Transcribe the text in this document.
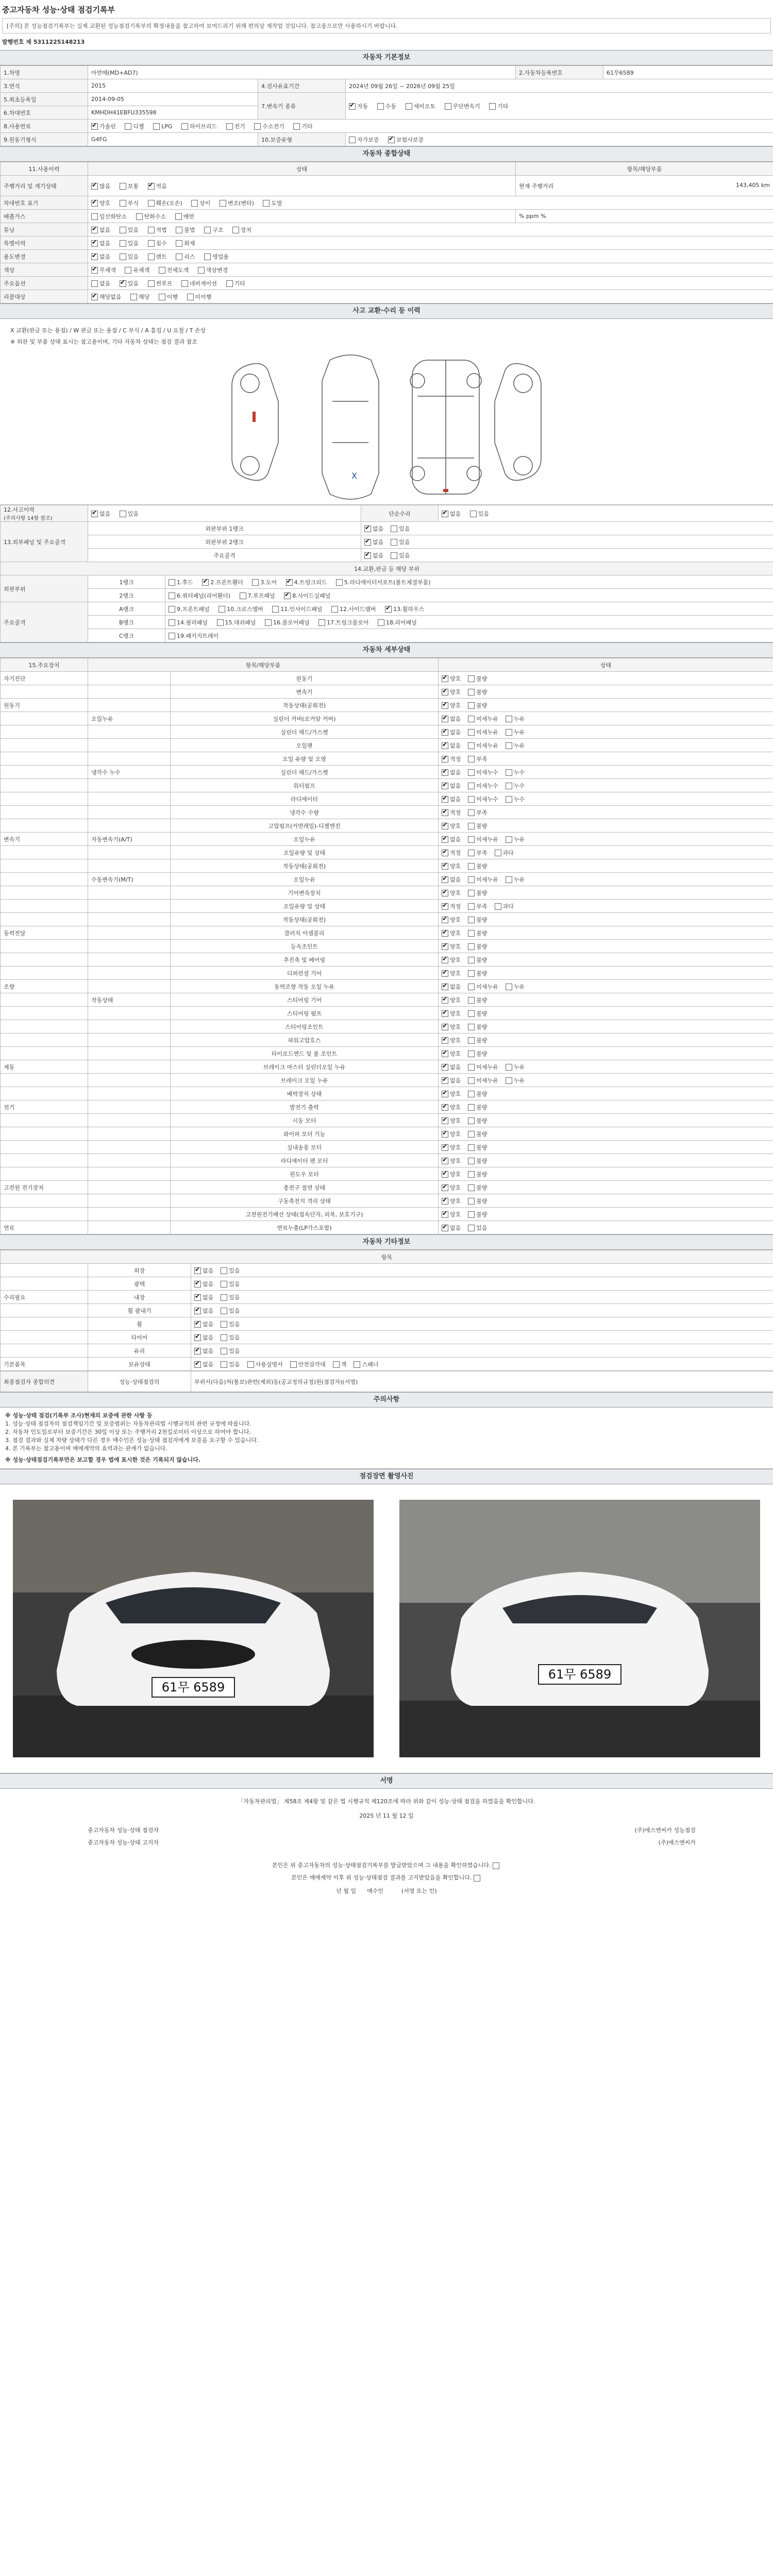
중고자동차 성능·상태 점검기록부
[주의] 본 성능점검기록부는 실제 교환된 성능점검기록부의 확정내용을 참고하여 보여드리기 위해 편의상 재작업 것입니다. 참고용으로만 사용하시기 바랍니다.
발행번호 제 5311225148213
자동차 기본정보
1.차명	아반떼(MD+AD7)			2.자동차등록번호	61무6589
3.연식	2015	4.검사유효기간	2024년 09월 26일 ~ 2026년 09월 25일		
5.최초등록일	2014-09-05	7.변속기 종류	✔자동 수동 세미오토 무단변속기 기타
6.차대번호	KMHDH41EBFU335598				
8.사용연료	✔가솔린 디젤 LPG 하이브리드 전기 수소전기 기타
9.원동기형식	G4FG	10.보증유형	자가보증 ✔ 보험사보증
자동차 종합상태
11.사용이력	상태	항목/해당부품
주행거리 및 계기상태	✔많음 보통 ✔ 적음	현재 주행거리 143,405 km

차대번호 표기	✔양호 부식 훼손(오손) 상이 변조(변타) 도말
배출가스	일산화탄소 탄화수소 매연	% ppm %
튜닝	✔없음 있음 적법 불법 구조 장치
특별이력	✔없음 있음 침수 화재
용도변경	✔없음 있음 렌트 리스 영업용
색상	✔무채색 유채색 전체도색 색상변경
주요옵션	없음 ✔ 있음 썬루프 네비게이션 기타
리콜대상	✔해당없음 해당 이행 미이행
사고 교환·수리 등 이력
X 교환(판금 또는 용접) / W 판금 또는 용접 / C 부식 / A 흠집 / U 요철 / T 손상
※ 외관 및 부품 상태 표시는 참고용이며, 기타 자동차 상태는 점검 결과 참조
X
12.사고이력
(주의사항 14항 참조)	✔없음 있음		단순수리	✔없음 있음
13.외부패널 및 주요골격	외판부위 1랭크	✔없음 있음
	외판부위 2랭크	✔없음 있음
	주요골격	✔없음 있음
14.교환,판금 등 해당 부위				
외판부위	1랭크	1.후드 ✔ 2.프론트휀더 3.도어 ✔ 4.트렁크리드 5.라디에이터서포트(볼트체결부품)
	2랭크	6.쿼터패널(리어휀더) 7.루프패널 ✔ 8.사이드실패널
주요골격	A랭크	9.프론트패널 10.크로스멤버 11.인사이드패널 12.사이드멤버 ✔ 13.휠하우스
	B랭크	14.필러패널 15.대쉬패널 16.플로어패널 17.트렁크플로어 18.리어패널		
	C랭크	19.패키지트레이		
자동차 세부상태
15.주요장치	항목/해당부품		상태
자기진단		원동기	✔양호 불량
		변속기	✔양호 불량
원동기		작동상태(공회전)	✔양호 불량
	오일누유	실린더 커버(로커암 커버)	✔없음 미세누유 누유
		실린더 헤드/가스켓	✔없음 미세누유 누유
		오일팬	✔없음 미세누유 누유
		오일 유량 및 오염	✔적정 부족
	냉각수 누수	실린더 헤드/가스켓	✔없음 미세누수 누수
		워터펌프	✔없음 미세누수 누수
		라디에이터	✔없음 미세누수 누수
		냉각수 수량	✔적정 부족
		고압펌프(커먼레일)-디젤엔진	✔양호 불량
변속기	자동변속기(A/T)	오일누유	✔없음 미세누유 누유
		오일유량 및 상태	✔적정 부족 과다
		작동상태(공회전)	✔양호 불량
	수동변속기(M/T)	오일누유	✔없음 미세누유 누유
		기어변속장치	✔양호 불량
		오일유량 및 상태	✔적정 부족 과다
		작동상태(공회전)	✔양호 불량
동력전달		클러치 어셈블리	✔양호 불량
		등속조인트	✔양호 불량
		추진축 및 베어링	✔양호 불량
		디퍼런셜 기어	✔양호 불량
조향		동력조향 작동 오일 누유	✔없음 미세누유 누유
	작동상태	스티어링 기어	✔양호 불량
		스티어링 펌프	✔양호 불량
		스티어링조인트	✔양호 불량
		파워고압호스	✔양호 불량
		타이로드엔드 및 볼 조인트	✔양호 불량
제동		브레이크 마스터 실린더오일 누유	✔없음 미세누유 누유
		브레이크 오일 누유	✔없음 미세누유 누유
		배력장치 상태	✔양호 불량
전기		발전기 출력	✔양호 불량
		시동 모터	✔양호 불량
		와이퍼 모터 기능	✔양호 불량
		실내송풍 모터	✔양호 불량
		라디에이터 팬 모터	✔양호 불량
		윈도우 모터	✔양호 불량
고전원 전기장치		충전구 절연 상태	✔양호 불량
		구동축전지 격리 상태	✔양호 불량
		고전원전기배선 상태(접속단자, 피복, 보호기구)	✔양호 불량
연료		연료누출(LP가스포함)	✔없음 있음
자동차 기타정보
항목		
	외장	✔없음 있음
	광택	✔없음 있음
수리필요	내장	✔없음 있음
	휠 광내기	✔없음 있음
	휠	✔없음 있음
	타이어	✔없음 있음
	유리	✔없음 있음
기본품목	보유상태	✔없음 있음 사용설명서 안전삼각대 잭 스패너
최종점검자 종합의견	성능·상태점검의	부위서(다음)처(통보)관련(제외)동(공교정의규정)원(점검자)(서명)
주의사항
※ 성능·상태 점검(기록부 조사)현재의 보증에 관한 사항 등
1. 성능·상태 점검자의 점검책임기간 및 보증범위는 자동차관리법 시행규칙의 관련 규정에 따릅니다.
2. 자동차 인도일로부터 보증기간은 30일 이상 또는 주행거리 2천킬로미터 이상으로 하여야 합니다.
3. 점검 결과와 실제 차량 상태가 다른 경우 매수인은 성능·상태 점검자에게 보증을 요구할 수 있습니다.
4. 본 기록부는 참고용이며 매매계약의 효력과는 관계가 없습니다.
※ 성능·상태점검기록부만은 보고할 경우 법에 표시한 것은 기록되지 않습니다.
점검장면 촬영사진
61무 6589
61무 6589
서명
「자동차관리법」 제58조 제4항 및 같은 법 시행규칙 제120조에 따라 위와 같이 성능·상태 점검을 하였음을 확인합니다.
2025 년 11 월 12 일
중고자동차 성능·상태 점검자	(주)에스엔씨카 성능점검
중고자동차 성능·상태 고지자	(주)에스엔씨카
본인은 위 중고자동차의 성능·상태점검기록부를 발급받았으며 그 내용을 확인하였습니다.
본인은 매매계약 이후 위 성능·상태점검 결과를 고지받았음을 확인합니다.
년 월 일 매수인	(서명 또는 인)
